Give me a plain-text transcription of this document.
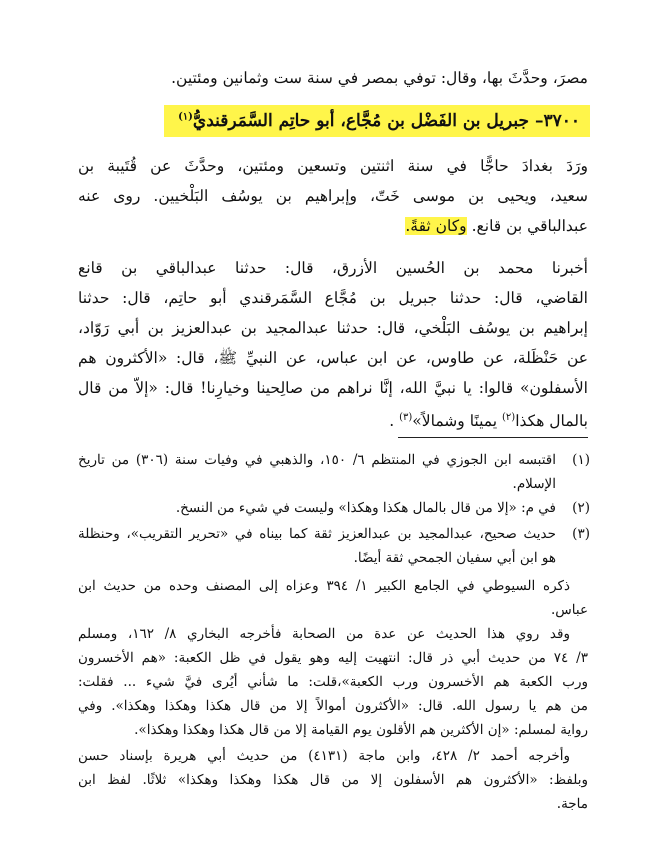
مصرَ، وحدَّثَ بها، وقال: توفي بمصر في سنة ست وثمانين ومئتين.
٣٧٠٠– جبريل بن الفَضْل بن مُجَّاع، أبو حاتِم السَّمَرقنديُّ$^{(١)}$
ورَدَ بغدادَ حاجًّا في سنة اثنتين وتسعين ومئتين، وحدَّثَ عن قُتَيبة بن
سعيد، ويحيى بن موسى خَتّ، وإبراهيم بن يوسُف البَلْخيين. روى عنه
عبدالباقي بن قانع. وكان ثقةً.
أخبرنا محمد بن الحُسين الأزرق، قال: حدثنا عبدالباقي بن قانع
القاضي، قال: حدثنا جبريل بن مُجَّاع السَّمَرقندي أبو حاتِم، قال: حدثنا
إبراهيم بن يوسُف البَلْخي، قال: حدثنا عبدالمجيد بن عبدالعزيز بن أبي رَوّاد،
عن حَنْظَلة، عن طاوس، عن ابن عباس، عن النبيِّ ﷺ، قال: «الأكثرون هم
الأسفلون» قالوا: يا نبيَّ الله، إنَّا نراهم من صالِحينا وخيارِنا! قال: «إلاّ من قال
بالمال هكذا$^{(٢)}$ يمينًا وشمالاً»$^{(٣)}$ .
(١)
اقتبسه ابن الجوزي في المنتظم ٦/ ١٥٠، والذهبي في وفيات سنة (٣٠٦) من تاريخ
الإسلام.
(٢)
في م: «إلا من قال بالمال هكذا وهكذا» وليست في شيء من النسخ.
(٣)
حديث صحيح، عبدالمجيد بن عبدالعزيز ثقة كما بيناه في «تحرير التقريب»، وحنظلة
هو ابن أبي سفيان الجمحي ثقة أيضًا.
ذكره السيوطي في الجامع الكبير ١/ ٣٩٤ وعزاه إلى المصنف وحده من حديث ابن
عباس.
وقد روي هذا الحديث عن عدة من الصحابة فأخرجه البخاري ٨/ ١٦٢، ومسلم
٣/ ٧٤ من حديث أبي ذر قال: انتهيت إليه وهو يقول في ظل الكعبة: «هم الأخسرون
ورب الكعبة هم الأخسرون ورب الكعبة»،قلت: ما شأني أيُرى فيَّ شيء ... فقلت:
من هم يا رسول الله. قال: «الأكثرون أموالاً إلا من قال هكذا وهكذا وهكذا». وفي
رواية لمسلم: «إن الأكثرين هم الأقلون يوم القيامة إلا من قال هكذا وهكذا وهكذا».
وأخرجه أحمد ٢/ ٤٢٨، وابن ماجة (٤١٣١) من حديث أبي هريرة بإسناد حسن
وبلفظ: «الأكثرون هم الأسفلون إلا من قال هكذا وهكذا وهكذا» ثلاثًا. لفظ ابن
ماجة.
